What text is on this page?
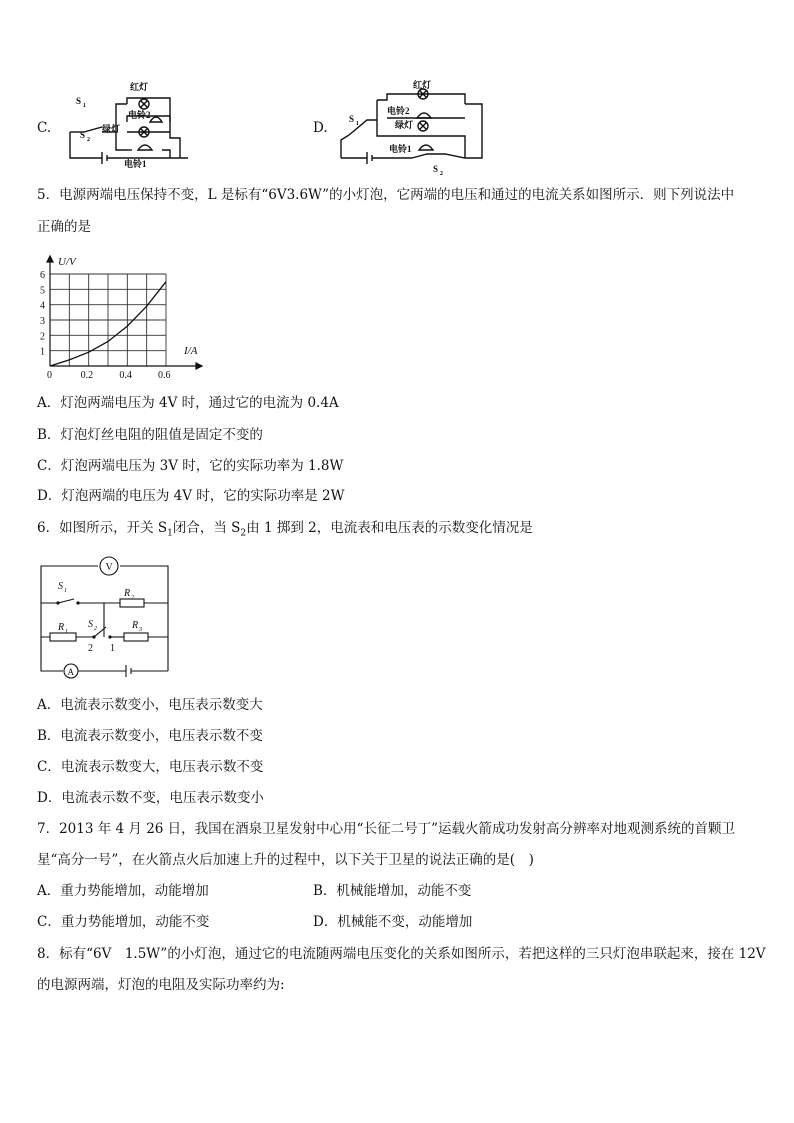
C.
红灯
电铃2
绿灯
电铃1
S 1
S 2
D.
红灯
电铃2
绿灯
电铃1
S 1
S 2
5．电源两端电压保持不变，L 是标有“6V3.6W”的小灯泡，它两端的电压和通过的电流关系如图所示．则下列说法中
正确的是
1
2
3
4
5
6
0	0.2	0.4	0.6
U/V
I/A
A．灯泡两端电压为 4V 时，通过它的电流为 0.4A
B．灯泡灯丝电阻的阻值是固定不变的
C．灯泡两端电压为 3V 时，它的实际功率为 1.8W
D．灯泡两端的电压为 4V 时，它的实际功率是 2W
6．如图所示，开关 $S_1$闭合，当 $S_2$由 1 掷到 2，电流表和电压表的示数变化情况是
V
A
S 1	R 2
R 1
S 2	R 3
2 1
A．电流表示数变小，电压表示数变大
B．电流表示数变小，电压表示数不变
C．电流表示数变大，电压表示数不变
D．电流表示数不变，电压表示数变小
7．2013 年 4 月 26 日，我国在酒泉卫星发射中心用“长征二号丁”运载火箭成功发射高分辨率对地观测系统的首颗卫
星“高分一号”，在火箭点火后加速上升的过程中，以下关于卫星的说法正确的是(　)
A．重力势能增加，动能增加	B．机械能增加，动能不变
C．重力势能增加，动能不变	D．机械能不变，动能增加
8．标有“6V　1.5W”的小灯泡，通过它的电流随两端电压变化的关系如图所示，若把这样的三只灯泡串联起来，接在 12V
的电源两端，灯泡的电阻及实际功率约为:
